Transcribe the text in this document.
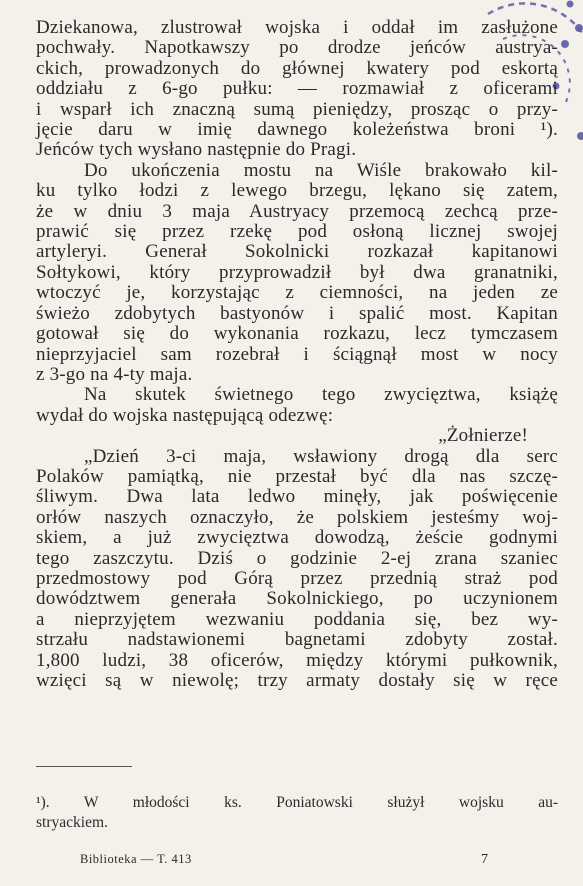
Dziekanowa, zlustrował wojska i oddał im zasłużone
pochwały. Napotkawszy po drodze jeńców austrya-
ckich, prowadzonych do głównej kwatery pod eskortą
oddziału z 6-go pułku: — rozmawiał z oficerami
i wsparł ich znaczną sumą pieniędzy, prosząc o przy-
jęcie daru w imię dawnego koleżeństwa broni ¹).
Jeńców tych wysłano następnie do Pragi.
Do ukończenia mostu na Wiśle brakowało kil-
ku tylko łodzi z lewego brzegu, lękano się zatem,
że w dniu 3 maja Austryacy przemocą zechcą prze-
prawić się przez rzekę pod osłoną licznej swojej
artyleryi. Generał Sokolnicki rozkazał kapitanowi
Sołtykowi, który przyprowadził był dwa granatniki,
wtoczyć je, korzystając z ciemności, na jeden ze
świeżo zdobytych bastyonów i spalić most. Kapitan
gotował się do wykonania rozkazu, lecz tymczasem
nieprzyjaciel sam rozebrał i ściągnął most w nocy
z 3-go na 4-ty maja.
Na skutek świetnego tego zwycięztwa, książę
wydał do wojska następującą odezwę:
„Żołnierze!
„Dzień 3-ci maja, wsławiony drogą dla serc
Polaków pamiątką, nie przestał być dla nas szczę-
śliwym. Dwa lata ledwo minęły, jak poświęcenie
orłów naszych oznaczyło, że polskiem jesteśmy woj-
skiem, a już zwycięztwa dowodzą, żeście godnymi
tego zaszczytu. Dziś o godzinie 2-ej zrana szaniec
przedmostowy pod Górą przez przednią straż pod
dowództwem generała Sokolnickiego, po uczynionem
a nieprzyjętem wezwaniu poddania się, bez wy-
strzału nadstawionemi bagnetami zdobyty został.
1,800 ludzi, 38 oficerów, między którymi pułkownik,
wzięci są w niewolę; trzy armaty dostały się w ręce
¹). W młodości ks. Poniatowski służył wojsku au-
stryackiem.
Biblioteka — T. 413	7
